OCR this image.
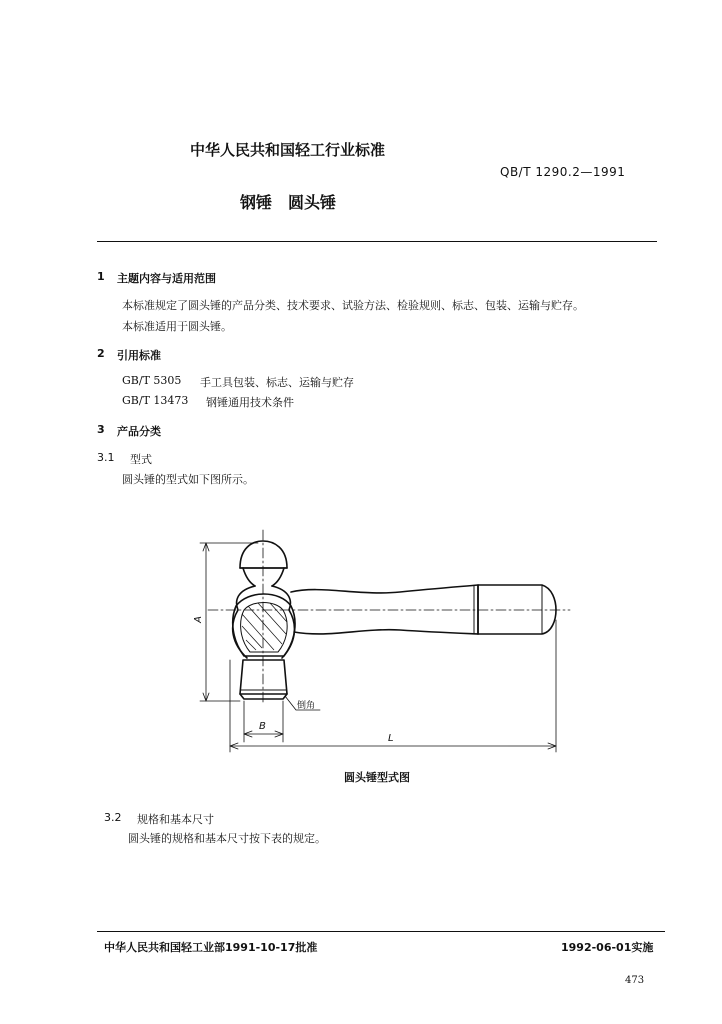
中华人民共和国轻工行业标准
QB/T 1290.2—1991
钢锤　圆头锤
1 主题内容与适用范围
本标准规定了圆头锤的产品分类、技术要求、试验方法、检验规则、标志、包装、运输与贮存。
本标准适用于圆头锤。
2 引用标准
GB/T 5305 手工具包装、标志、运输与贮存
GB/T 13473 钢锤通用技术条件
3 产品分类
3.1 型式
圆头锤的型式如下图所示。
A
B
L
倒角
圆头锤型式图
3.2 规格和基本尺寸
圆头锤的规格和基本尺寸按下表的规定。
中华人民共和国轻工业部1991-10-17批准	1992-06-01实施
473
